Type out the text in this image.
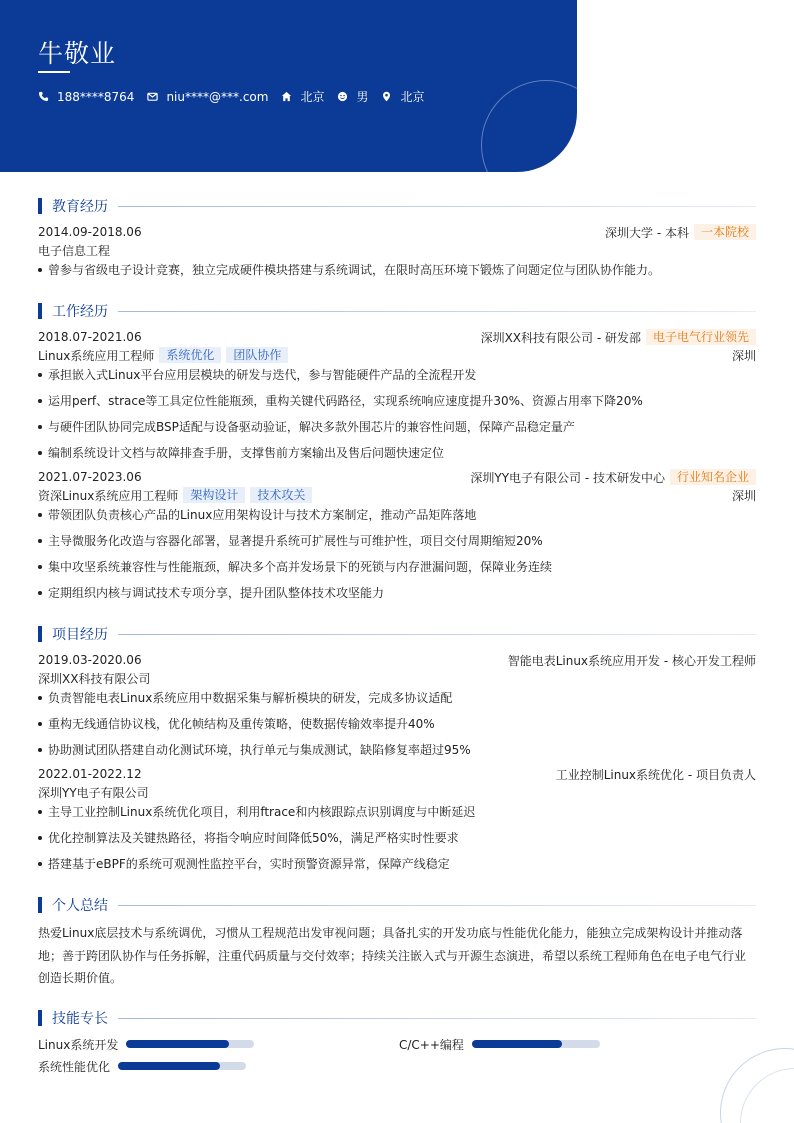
牛敬业
188****8764	niu****@***.com	北京	男	北京
教育经历
2014.09-2018.06	深圳大学 - 本科	一本院校
电子信息工程
曾参与省级电子设计竞赛，独立完成硬件模块搭建与系统调试，在限时高压环境下锻炼了问题定位与团队协作能力。
工作经历
2018.07-2021.06	深圳XX科技有限公司 - 研发部	电子电气行业领先
Linux系统应用工程师	系统优化	团队协作	深圳
承担嵌入式Linux平台应用层模块的研发与迭代，参与智能硬件产品的全流程开发
运用perf、strace等工具定位性能瓶颈，重构关键代码路径，实现系统响应速度提升30%、资源占用率下降20%
与硬件团队协同完成BSP适配与设备驱动验证，解决多款外围芯片的兼容性问题，保障产品稳定量产
编制系统设计文档与故障排查手册，支撑售前方案输出及售后问题快速定位
2021.07-2023.06	深圳YY电子有限公司 - 技术研发中心	行业知名企业
资深Linux系统应用工程师	架构设计	技术攻关	深圳
带领团队负责核心产品的Linux应用架构设计与技术方案制定，推动产品矩阵落地
主导微服务化改造与容器化部署，显著提升系统可扩展性与可维护性，项目交付周期缩短20%
集中攻坚系统兼容性与性能瓶颈，解决多个高并发场景下的死锁与内存泄漏问题，保障业务连续
定期组织内核与调试技术专项分享，提升团队整体技术攻坚能力
项目经历
2019.03-2020.06	智能电表Linux系统应用开发 - 核心开发工程师
深圳XX科技有限公司
负责智能电表Linux系统应用中数据采集与解析模块的研发，完成多协议适配
重构无线通信协议栈，优化帧结构及重传策略，使数据传输效率提升40%
协助测试团队搭建自动化测试环境，执行单元与集成测试，缺陷修复率超过95%
2022.01-2022.12	工业控制Linux系统优化 - 项目负责人
深圳YY电子有限公司
主导工业控制Linux系统优化项目，利用ftrace和内核跟踪点识别调度与中断延迟
优化控制算法及关键热路径，将指令响应时间降低50%，满足严格实时性要求
搭建基于eBPF的系统可观测性监控平台，实时预警资源异常，保障产线稳定
个人总结
热爱Linux底层技术与系统调优，习惯从工程规范出发审视问题；具备扎实的开发功底与性能优化能力，能独立完成架构设计并推动落地；善于跨团队协作与任务拆解，注重代码质量与交付效率；持续关注嵌入式与开源生态演进，希望以系统工程师角色在电子电气行业创造长期价值。
技能专长
Linux系统开发	C/C++编程
系统性能优化
